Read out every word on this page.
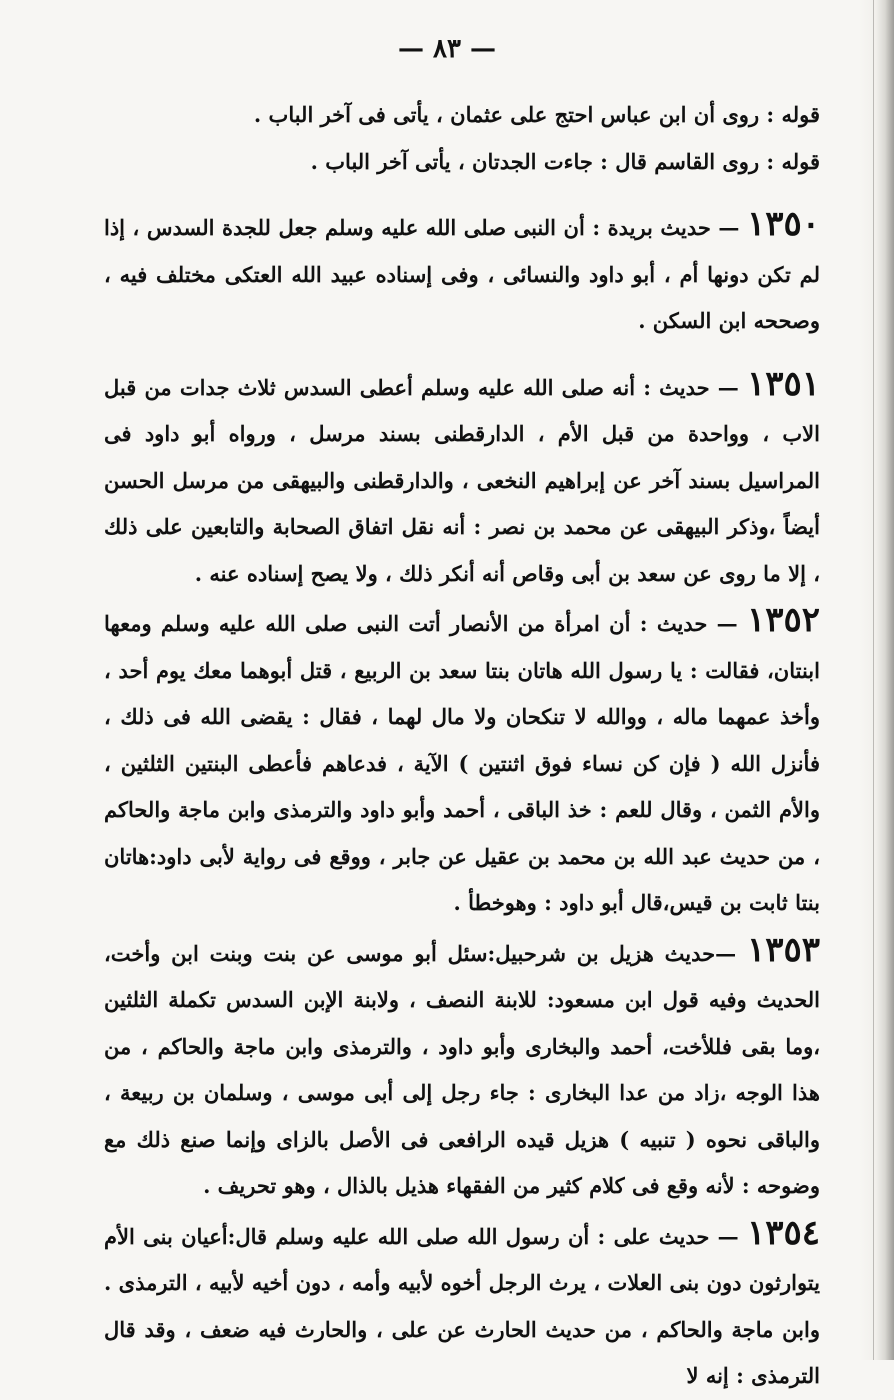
— ٨٣ —

قوله : روى أن ابن عباس احتج على عثمان ، يأتى فى آخر الباب .

قوله : روى القاسم قال : جاءت الجدتان ، يأتى آخر الباب .

١٣٥٠ — حديث بريدة : أن النبى صلى الله عليه وسلم جعل للجدة السدس ، إذا لم تكن دونها أم ، أبو داود والنسائى ، وفى إسناده عبيد الله العتكى مختلف فيه ، وصححه ابن السكن .

١٣٥١ — حديث : أنه صلى الله عليه وسلم أعطى السدس ثلاث جدات من قبل الاب ، وواحدة من قبل الأم ، الدارقطنى بسند مرسل ، ورواه أبو داود فى المراسيل بسند آخر عن إبراهيم النخعى ، والدارقطنى والبيهقى من مرسل الحسن أيضاً ،وذكر البيهقى عن محمد بن نصر : أنه نقل اتفاق الصحابة والتابعين على ذلك ، إلا ما روى عن سعد بن أبى وقاص أنه أنكر ذلك ، ولا يصح إسناده عنه .

١٣٥٢ — حديث : أن امرأة من الأنصار أتت النبى صلى الله عليه وسلم ومعها ابنتان، فقالت : يا رسول الله هاتان بنتا سعد بن الربيع ، قتل أبوهما معك يوم أحد ، وأخذ عمهما ماله ، ووالله لا تنكحان ولا مال لهما ، فقال : يقضى الله فى ذلك ، فأنزل الله ( فإن كن نساء فوق اثنتين ) الآية ، فدعاهم فأعطى البنتين الثلثين ، والأم الثمن ، وقال للعم : خذ الباقى ، أحمد وأبو داود والترمذى وابن ماجة والحاكم ، من حديث عبد الله بن محمد بن عقيل عن جابر ، ووقع فى رواية لأبى داود:هاتان بنتا ثابت بن قيس،قال أبو داود : وهوخطأ .

١٣٥٣ —حديث هزيل بن شرحبيل:سئل أبو موسى عن بنت وبنت ابن وأخت، الحديث وفيه قول ابن مسعود: للابنة النصف ، ولابنة الإبن السدس تكملة الثلثين ،وما بقى فللأخت، أحمد والبخارى وأبو داود ، والترمذى وابن ماجة والحاكم ، من هذا الوجه ،زاد من عدا البخارى : جاء رجل إلى أبى موسى ، وسلمان بن ربيعة ، والباقى نحوه ( تنبيه ) هزيل قيده الرافعى فى الأصل بالزاى وإنما صنع ذلك مع وضوحه : لأنه وقع فى كلام كثير من الفقهاء هذيل بالذال ، وهو تحريف .

١٣٥٤ — حديث على : أن رسول الله صلى الله عليه وسلم قال:أعيان بنى الأم يتوارثون دون بنى العلات ، يرث الرجل أخوه لأبيه وأمه ، دون أخيه لأبيه ، الترمذى . وابن ماجة والحاكم ، من حديث الحارث عن على ، والحارث فيه ضعف ، وقد قال الترمذى : إنه لا
